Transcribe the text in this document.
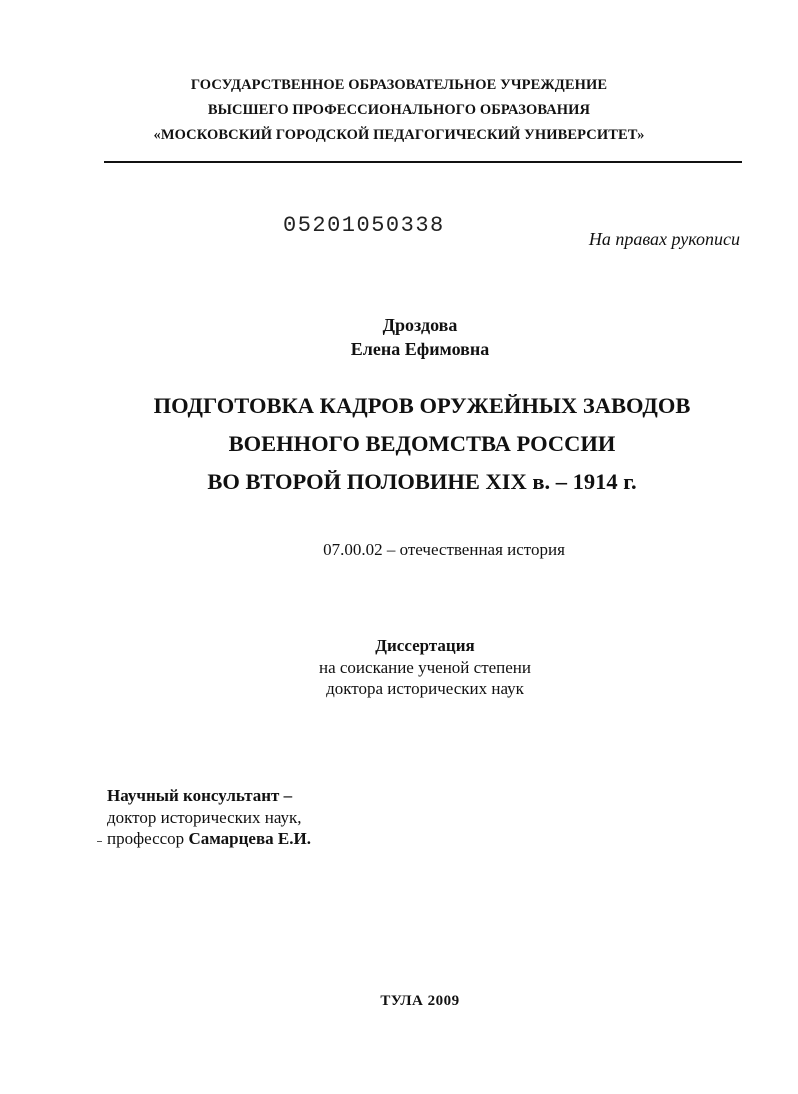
ГОСУДАРСТВЕННОЕ ОБРАЗОВАТЕЛЬНОЕ УЧРЕЖДЕНИЕ
ВЫСШЕГО ПРОФЕССИОНАЛЬНОГО ОБРАЗОВАНИЯ
«МОСКОВСКИЙ ГОРОДСКОЙ ПЕДАГОГИЧЕСКИЙ УНИВЕРСИТЕТ»
05201050338
На правах рукописи
Дроздова
Елена Ефимовна
ПОДГОТОВКА КАДРОВ ОРУЖЕЙНЫХ ЗАВОДОВ
ВОЕННОГО ВЕДОМСТВА РОССИИ
ВО ВТОРОЙ ПОЛОВИНЕ XIX в. – 1914 г.
07.00.02 – отечественная история
Диссертация
на соискание ученой степени
доктора исторических наук
Научный консультант –
доктор исторических наук,
профессор Самарцева Е.И.
ТУЛА 2009
